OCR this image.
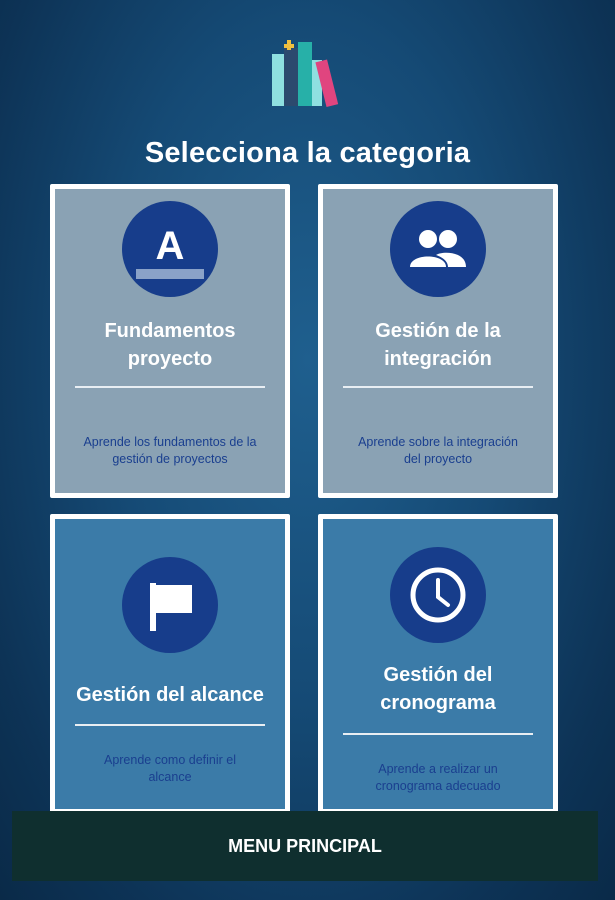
Selecciona la categoria
A
Fundamentos
proyecto
Aprende los fundamentos de la
gestión de proyectos
Gestión de la
integración
Aprende sobre la integración
del proyecto
Gestión del alcance
Aprende como definir el
alcance
Gestión del
cronograma
Aprende a realizar un
cronograma adecuado
MENU PRINCIPAL
